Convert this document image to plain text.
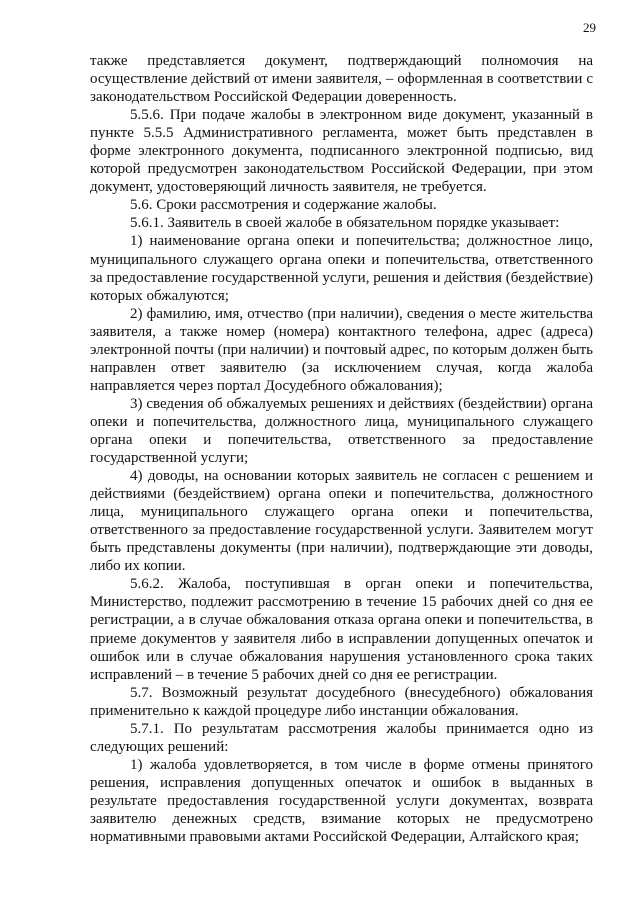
29

также представляется документ, подтверждающий полномочия на осуществление действий от имени заявителя, – оформленная в соответствии с законодательством Российской Федерации доверенность.

5.5.6. При подаче жалобы в электронном виде документ, указанный в пункте 5.5.5 Административного регламента, может быть представлен в форме электронного документа, подписанного электронной подписью, вид которой предусмотрен законодательством Российской Федерации, при этом документ, удостоверяющий личность заявителя, не требуется.

5.6. Сроки рассмотрения и содержание жалобы.

5.6.1. Заявитель в своей жалобе в обязательном порядке указывает:

1) наименование органа опеки и попечительства; должностное лицо, муниципального служащего органа опеки и попечительства, ответственного за предоставление государственной услуги, решения и действия (бездействие) которых обжалуются;

2) фамилию, имя, отчество (при наличии), сведения о месте жительства заявителя, а также номер (номера) контактного телефона, адрес (адреса) электронной почты (при наличии) и почтовый адрес, по которым должен быть направлен ответ заявителю (за исключением случая, когда жалоба направляется через портал Досудебного обжалования);

3) сведения об обжалуемых решениях и действиях (бездействии) органа опеки и попечительства, должностного лица, муниципального служащего органа опеки и попечительства, ответственного за предоставление государственной услуги;

4) доводы, на основании которых заявитель не согласен с решением и действиями (бездействием) органа опеки и попечительства, должностного лица, муниципального служащего органа опеки и попечительства, ответственного за предоставление государственной услуги. Заявителем могут быть представлены документы (при наличии), подтверждающие эти доводы, либо их копии.

5.6.2. Жалоба, поступившая в орган опеки и попечительства, Министерство, подлежит рассмотрению в течение 15 рабочих дней со дня ее регистрации, а в случае обжалования отказа органа опеки и попечительства, в приеме документов у заявителя либо в исправлении допущенных опечаток и ошибок или в случае обжалования нарушения установленного срока таких исправлений – в течение 5 рабочих дней со дня ее регистрации.

5.7. Возможный результат досудебного (внесудебного) обжалования применительно к каждой процедуре либо инстанции обжалования.

5.7.1. По результатам рассмотрения жалобы принимается одно из следующих решений:

1) жалоба удовлетворяется, в том числе в форме отмены принятого решения, исправления допущенных опечаток и ошибок в выданных в результате предоставления государственной услуги документах, возврата заявителю денежных средств, взимание которых не предусмотрено нормативными правовыми актами Российской Федерации, Алтайского края;
